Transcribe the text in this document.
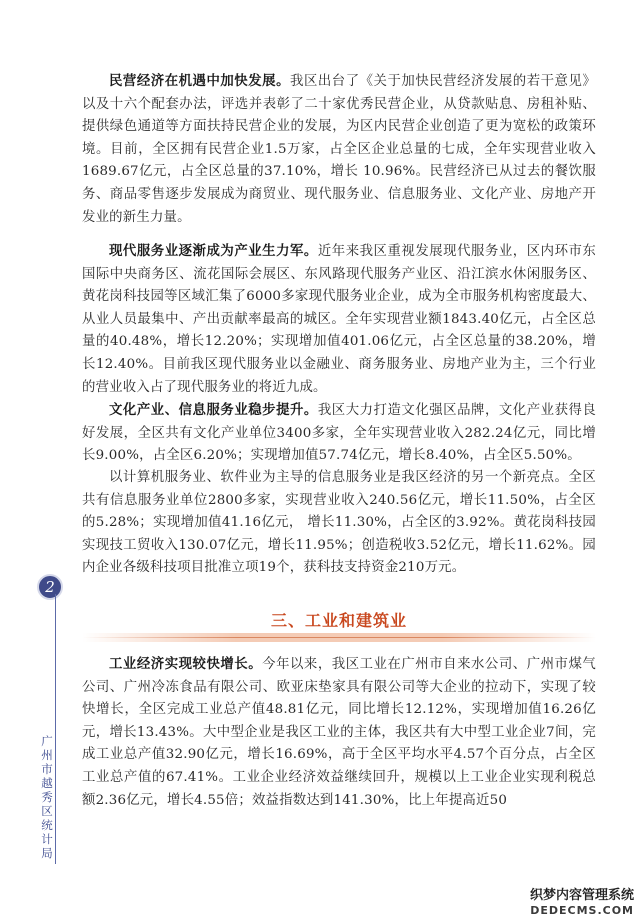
民营经济在机遇中加快发展。我区出台了《关于加快民营经济发展的若干意见》以及十六个配套办法，评选并表彰了二十家优秀民营企业，从贷款贴息、房租补贴、提供绿色通道等方面扶持民营企业的发展，为区内民营企业创造了更为宽松的政策环境。目前，全区拥有民营企业1.5万家，占全区企业总量的七成，全年实现营业收入1689.67亿元，占全区总量的37.10%，增长 10.96%。民营经济已从过去的餐饮服务、商品零售逐步发展成为商贸业、现代服务业、信息服务业、文化产业、房地产开发业的新生力量。

现代服务业逐渐成为产业生力军。近年来我区重视发展现代服务业，区内环市东国际中央商务区、流花国际会展区、东风路现代服务产业区、沿江滨水休闲服务区、黄花岗科技园等区域汇集了6000多家现代服务业企业，成为全市服务机构密度最大、从业人员最集中、产出贡献率最高的城区。全年实现营业额1843.40亿元，占全区总量的40.48%，增长12.20%；实现增加值401.06亿元，占全区总量的38.20%，增长12.40%。目前我区现代服务业以金融业、商务服务业、房地产业为主，三个行业的营业收入占了现代服务业的将近九成。

文化产业、信息服务业稳步提升。我区大力打造文化强区品牌，文化产业获得良好发展，全区共有文化产业单位3400多家，全年实现营业收入282.24亿元，同比增长9.00%，占全区6.20%；实现增加值57.74亿元，增长8.40%，占全区5.50%。

以计算机服务业、软件业为主导的信息服务业是我区经济的另一个新亮点。全区共有信息服务业单位2800多家，实现营业收入240.56亿元，增长11.50%，占全区的5.28%；实现增加值41.16亿元， 增长11.30%，占全区的3.92%。黄花岗科技园实现技工贸收入130.07亿元，增长11.95%；创造税收3.52亿元，增长11.62%。园内企业各级科技项目批准立项19个，获科技支持资金210万元。

三、工业和建筑业

工业经济实现较快增长。今年以来，我区工业在广州市自来水公司、广州市煤气公司、广州冷冻食品有限公司、欧亚床垫家具有限公司等大企业的拉动下，实现了较快增长，全区完成工业总产值48.81亿元，同比增长12.12%，实现增加值16.26亿元，增长13.43%。大中型企业是我区工业的主体，我区共有大中型工业企业7间，完成工业总产值32.90亿元，增长16.69%，高于全区平均水平4.57个百分点，占全区工业总产值的67.41%。工业企业经济效益继续回升，规模以上工业企业实现利税总额2.36亿元，增长4.55倍；效益指数达到141.30%，比上年提高近50

2
广州市越秀区统计局
织梦内容管理系统
DEDECMS.COM
